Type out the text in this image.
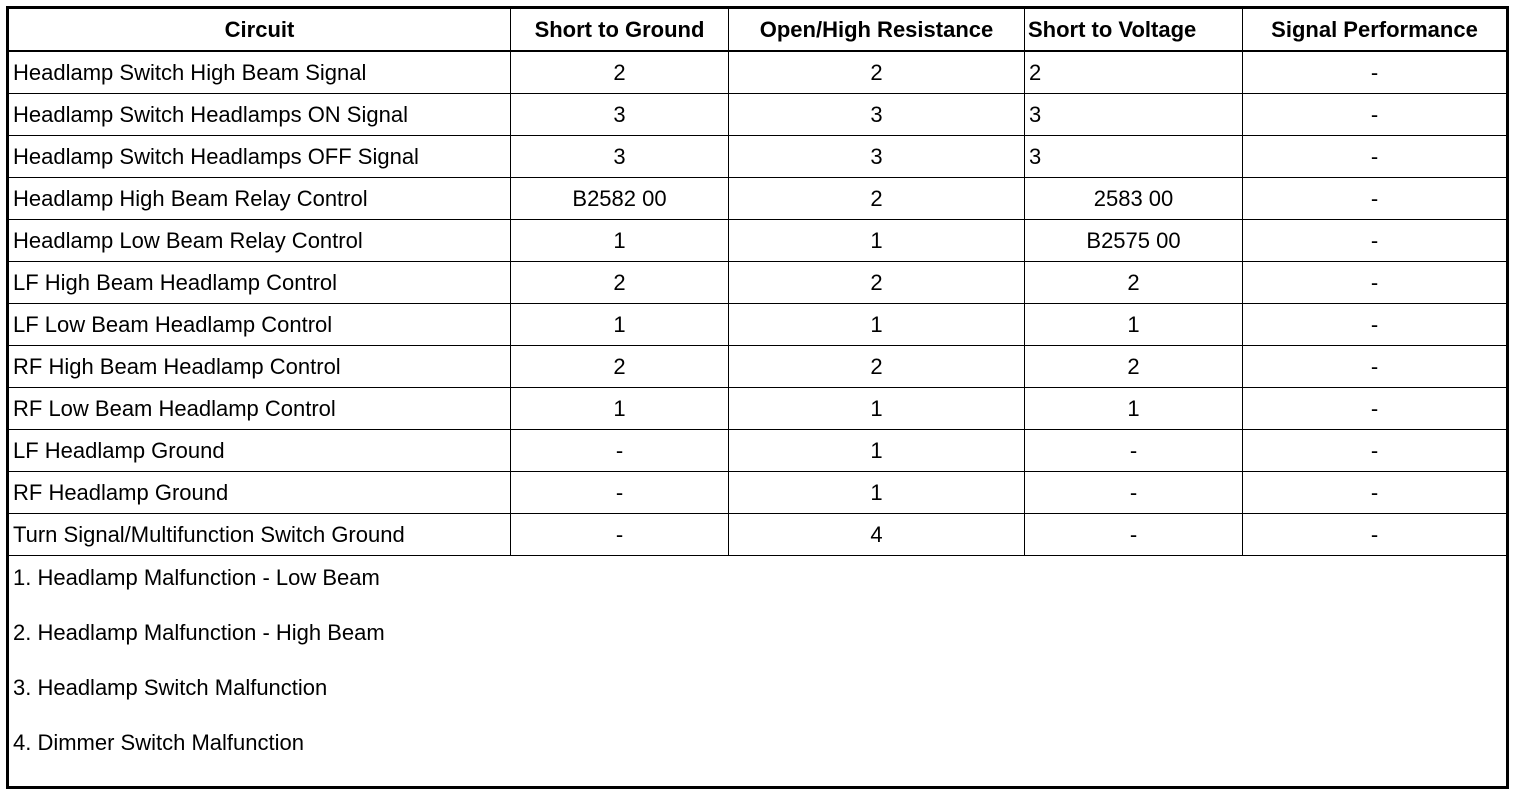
Circuit	Short to Ground	Open/High Resistance	Short to Voltage	Signal Performance
Headlamp Switch High Beam Signal	2	2	2	-
Headlamp Switch Headlamps ON Signal	3	3	3	-
Headlamp Switch Headlamps OFF Signal	3	3	3	-
Headlamp High Beam Relay Control	B2582 00	2	2583 00	-
Headlamp Low Beam Relay Control	1	1	B2575 00	-
LF High Beam Headlamp Control	2	2	2	-
LF Low Beam Headlamp Control	1	1	1	-
RF High Beam Headlamp Control	2	2	2	-
RF Low Beam Headlamp Control	1	1	1	-
LF Headlamp Ground	-	1	-	-
RF Headlamp Ground	-	1	-	-
Turn Signal/Multifunction Switch Ground	-	4	-	-

1. Headlamp Malfunction - Low Beam
2. Headlamp Malfunction - High Beam
3. Headlamp Switch Malfunction
4. Dimmer Switch Malfunction				
